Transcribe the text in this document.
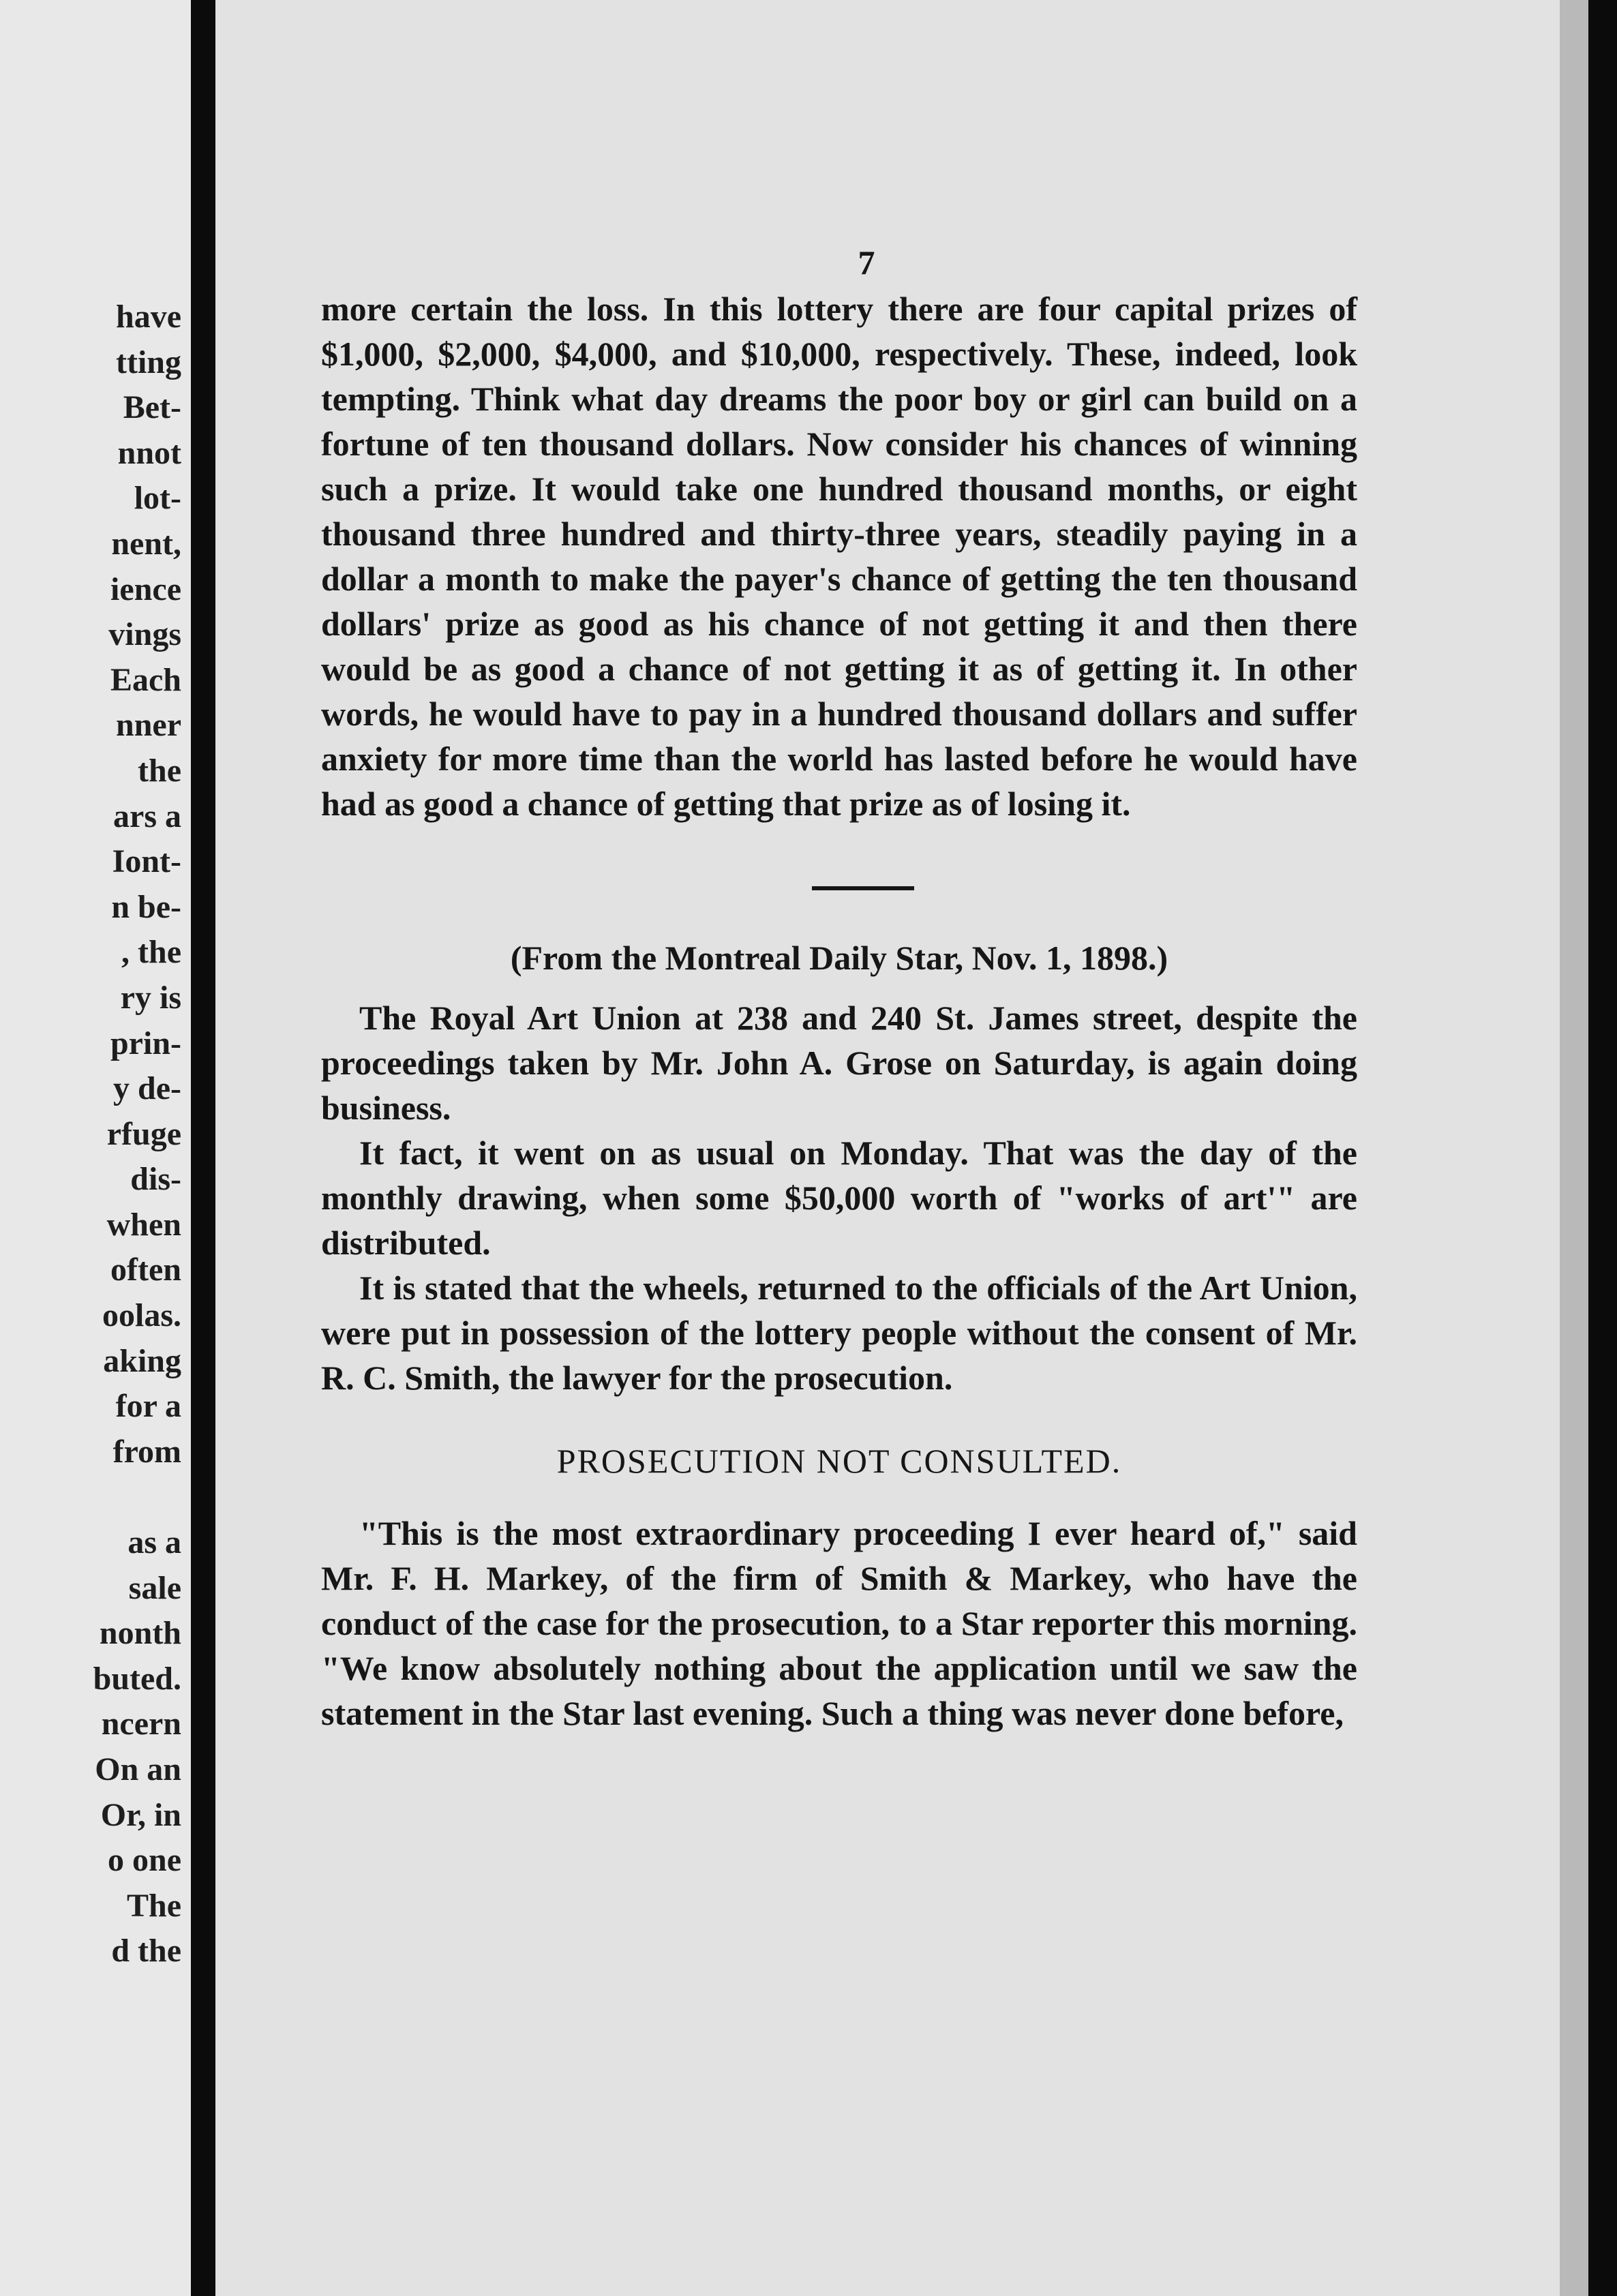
have
tting
Bet-
nnot
lot-
nent,
ience
vings
Each
nner
the
ars a
Iont-
n be-
, the
ry is
prin-
y de-
rfuge
dis-
when
often
oolas.
aking
for a
from
as a
sale
nonth
buted.
ncern
On an
Or, in
o one
The
d the
7

more certain the loss. In this lottery there are four capital prizes of $1,000, $2,000, $4,000, and $10,000, respectively. These, indeed, look tempting. Think what day dreams the poor boy or girl can build on a fortune of ten thousand dollars. Now consider his chances of winning such a prize. It would take one hundred thousand months, or eight thousand three hundred and thirty-three years, steadily paying in a dollar a month to make the payer's chance of getting the ten thousand dollars' prize as good as his chance of not getting it and then there would be as good a chance of not getting it as of getting it. In other words, he would have to pay in a hundred thousand dollars and suffer anxiety for more time than the world has lasted before he would have had as good a chance of getting that prize as of losing it.

(From the Montreal Daily Star, Nov. 1, 1898.)

The Royal Art Union at 238 and 240 St. James street, despite the proceedings taken by Mr. John A. Grose on Saturday, is again doing business.

It fact, it went on as usual on Monday. That was the day of the monthly drawing, when some $50,000 worth of "works of art'" are distributed.

It is stated that the wheels, returned to the officials of the Art Union, were put in possession of the lottery people without the consent of Mr. R. C. Smith, the lawyer for the prosecution.

PROSECUTION NOT CONSULTED.

"This is the most extraordinary proceeding I ever heard of," said Mr. F. H. Markey, of the firm of Smith & Markey, who have the conduct of the case for the prosecution, to a Star reporter this morning. "We know absolutely nothing about the application until we saw the statement in the Star last evening. Such a thing was never done before,
